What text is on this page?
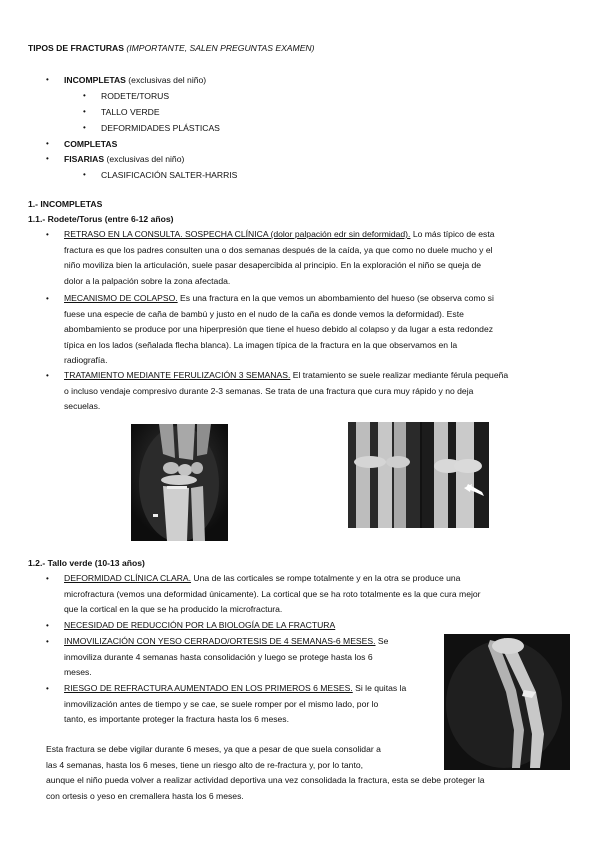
TIPOS DE FRACTURAS (IMPORTANTE, SALEN PREGUNTAS EXAMEN)
• INCOMPLETAS (exclusivas del niño)
• RODETE/TORUS
• TALLO VERDE
• DEFORMIDADES PLÁSTICAS
• COMPLETAS
• FISARIAS (exclusivas del niño)
• CLASIFICACIÓN SALTER-HARRIS
1.- INCOMPLETAS
1.1.- Rodete/Torus (entre 6-12 años)
• RETRASO EN LA CONSULTA. SOSPECHA CLÍNICA (dolor palpación edr sin deformidad). Lo más típico de esta
fractura es que los padres consulten una o dos semanas después de la caída, ya que como no duele mucho y el
niño moviliza bien la articulación, suele pasar desapercibida al principio. En la exploración el niño se queja de
dolor a la palpación sobre la zona afectada.
• MECANISMO DE COLAPSO. Es una fractura en la que vemos un abombamiento del hueso (se observa como si
fuese una especie de caña de bambú y justo en el nudo de la caña es donde vemos la deformidad). Este
abombamiento se produce por una hiperpresión que tiene el hueso debido al colapso y da lugar a esta redondez
típica en los lados (señalada flecha blanca). La imagen típica de la fractura en la que observamos en la
radiografía.
• TRATAMIENTO MEDIANTE FERULIZACIÓN 3 SEMANAS. El tratamiento se suele realizar mediante férula pequeña
o incluso vendaje compresivo durante 2-3 semanas. Se trata de una fractura que cura muy rápido y no deja
secuelas.
1.2.- Tallo verde (10-13 años)
• DEFORMIDAD CLÍNICA CLARA. Una de las corticales se rompe totalmente y en la otra se produce una
microfractura (vemos una deformidad únicamente). La cortical que se ha roto totalmente es la que cura mejor
que la cortical en la que se ha producido la microfractura.
• NECESIDAD DE REDUCCIÓN POR LA BIOLOGÍA DE LA FRACTURA
• INMOVILIZACIÓN CON YESO CERRADO/ORTESIS DE 4 SEMANAS-6 MESES. Se
inmoviliza durante 4 semanas hasta consolidación y luego se protege hasta los 6
meses.
• RIESGO DE REFRACTURA AUMENTADO EN LOS PRIMEROS 6 MESES. Si le quitas la
inmovilización antes de tiempo y se cae, se suele romper por el mismo lado, por lo
tanto, es importante proteger la fractura hasta los 6 meses.
Esta fractura se debe vigilar durante 6 meses, ya que a pesar de que suela consolidar a
las 4 semanas, hasta los 6 meses, tiene un riesgo alto de re-fractura y, por lo tanto,
aunque el niño pueda volver a realizar actividad deportiva una vez consolidada la fractura, esta se debe proteger la
con ortesis o yeso en cremallera hasta los 6 meses.
